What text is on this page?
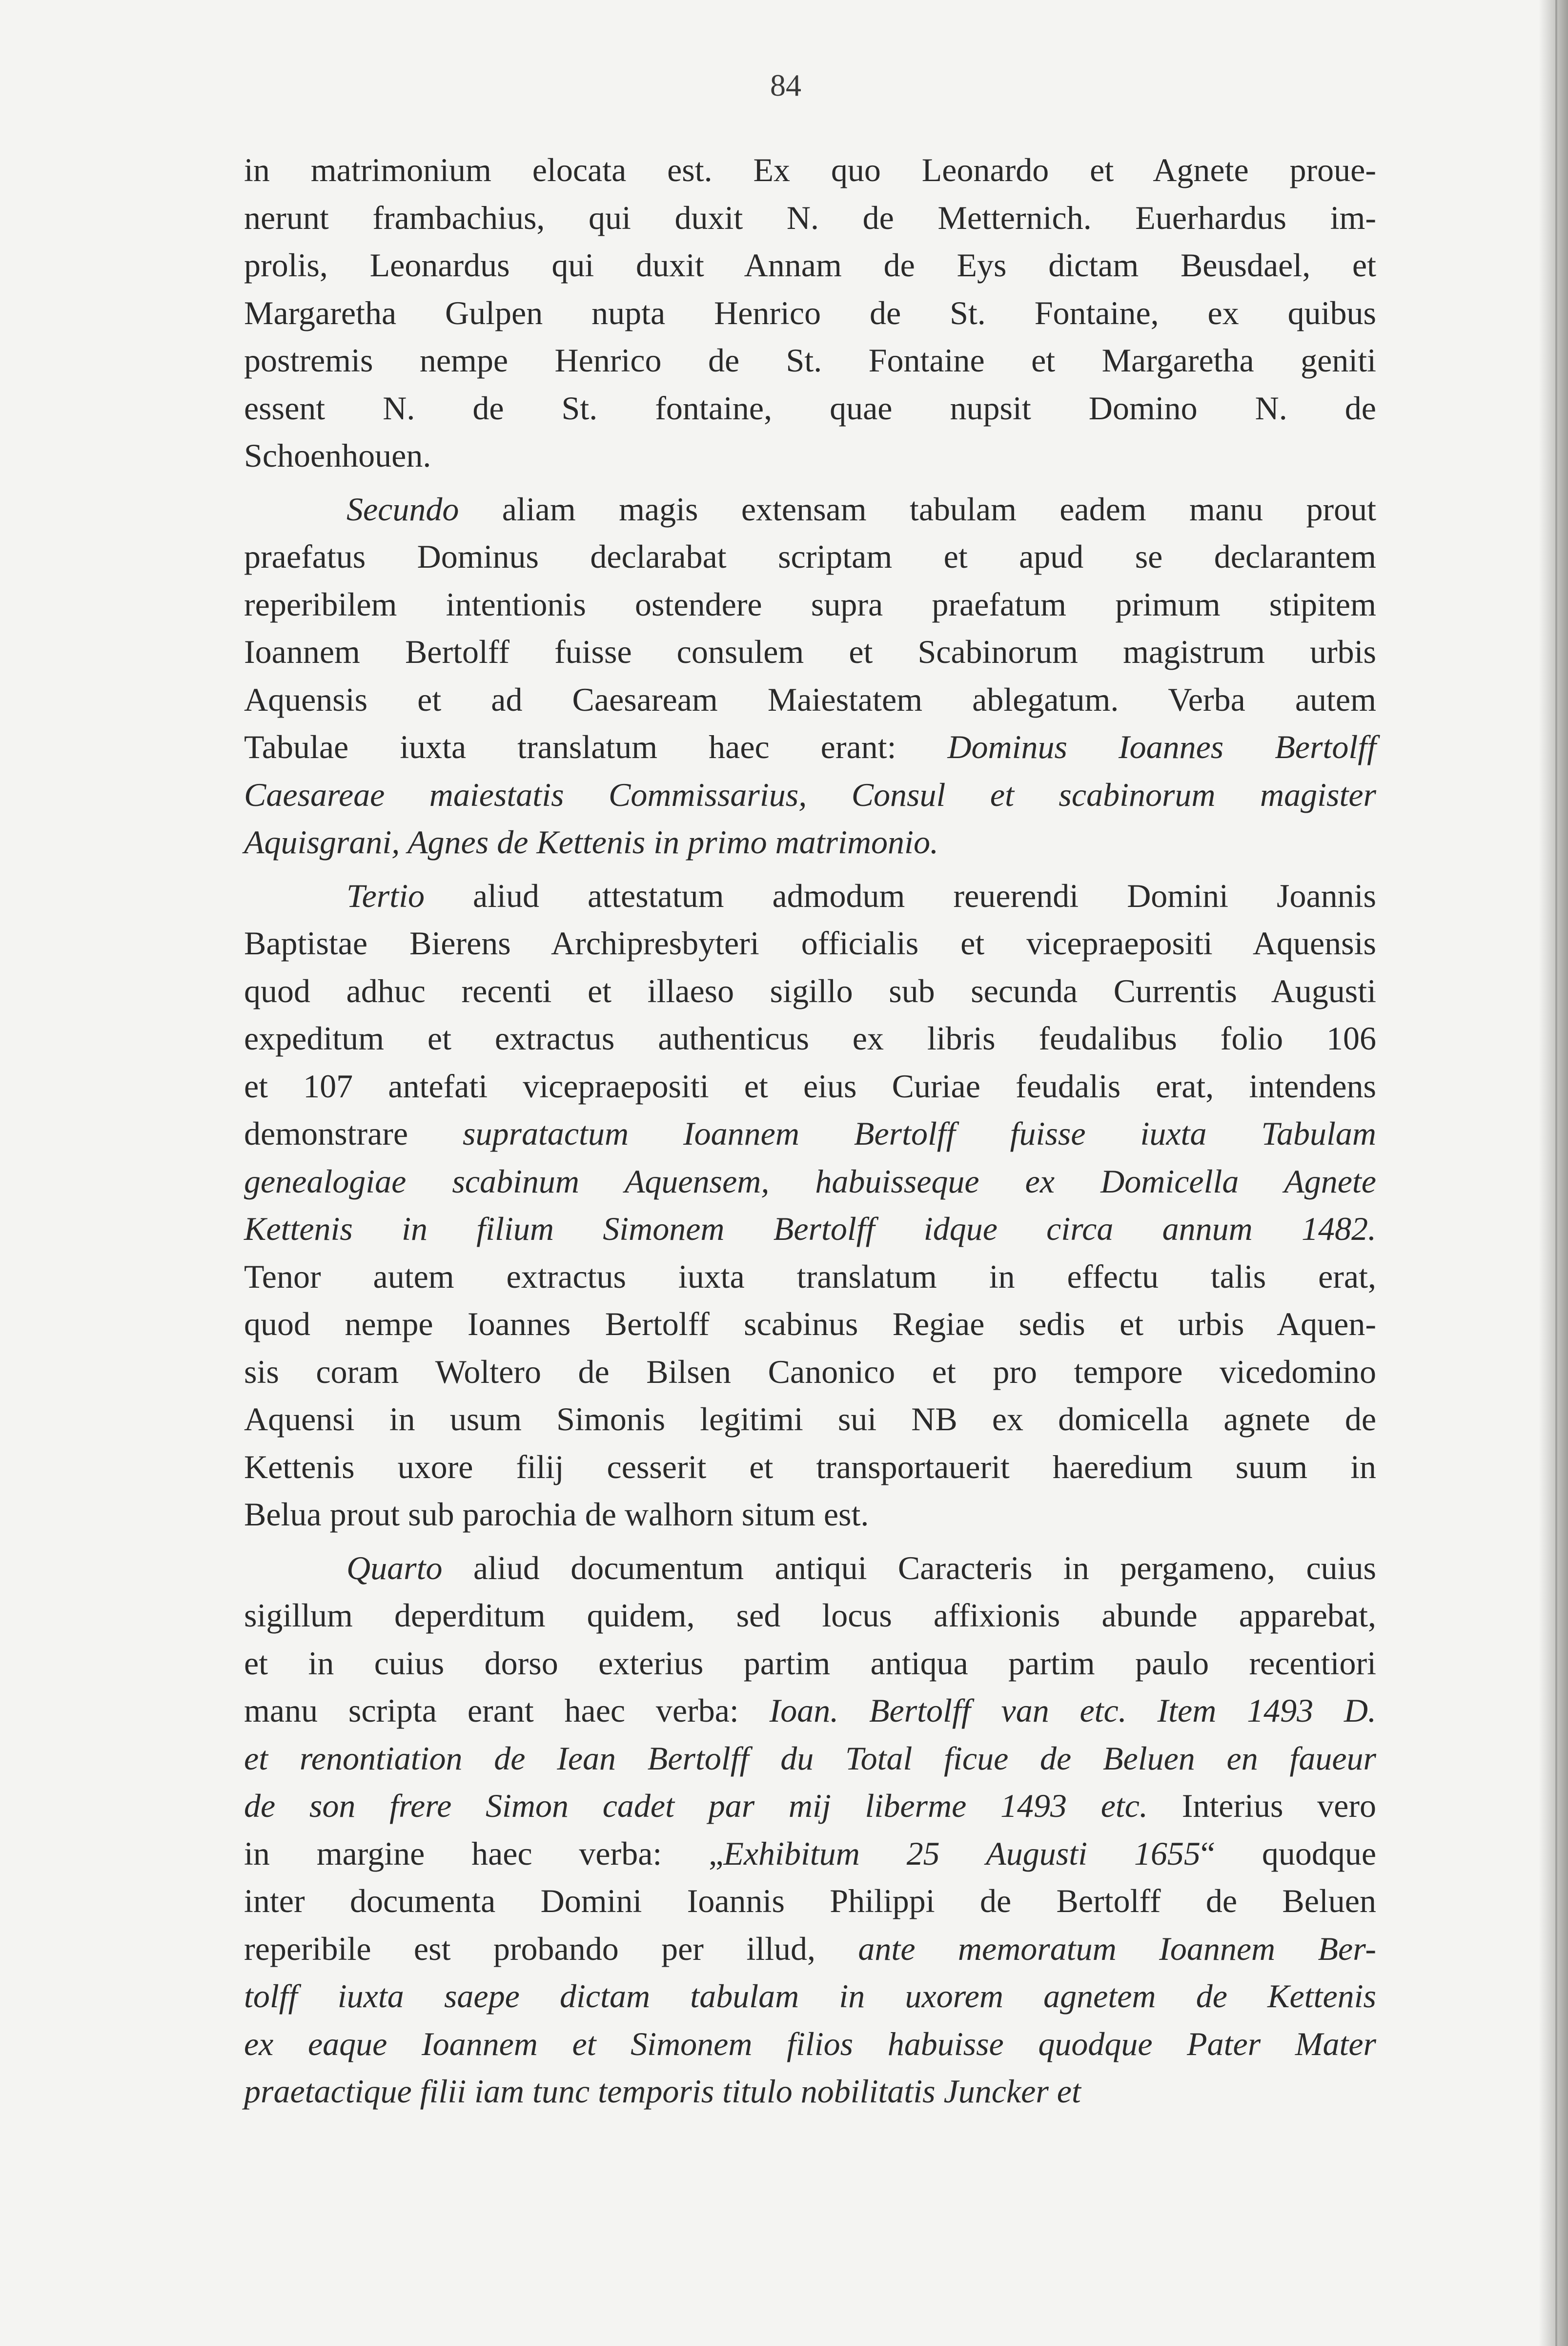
84
in matrimonium elocata est. Ex quo Leonardo et Agnete proue-
nerunt frambachius, qui duxit N. de Metternich. Euerhardus im-
prolis, Leonardus qui duxit Annam de Eys dictam Beusdael, et
Margaretha Gulpen nupta Henrico de St. Fontaine, ex quibus
postremis nempe Henrico de St. Fontaine et Margaretha geniti
essent N. de St. fontaine, quae nupsit Domino N. de
Schoenhouen.
Secundo aliam magis extensam tabulam eadem manu prout
praefatus Dominus declarabat scriptam et apud se declarantem
reperibilem intentionis ostendere supra praefatum primum stipitem
Ioannem Bertolff fuisse consulem et Scabinorum magistrum urbis
Aquensis et ad Caesaream Maiestatem ablegatum. Verba autem
Tabulae iuxta translatum haec erant: Dominus Ioannes Bertolff
Caesareae maiestatis Commissarius, Consul et scabinorum magister
Aquisgrani, Agnes de Kettenis in primo matrimonio.
Tertio aliud attestatum admodum reuerendi Domini Joannis
Baptistae Bierens Archipresbyteri officialis et vicepraepositi Aquensis
quod adhuc recenti et illaeso sigillo sub secunda Currentis Augusti
expeditum et extractus authenticus ex libris feudalibus folio 106
et 107 antefati vicepraepositi et eius Curiae feudalis erat, intendens
demonstrare supratactum Ioannem Bertolff fuisse iuxta Tabulam
genealogiae scabinum Aquensem, habuisseque ex Domicella Agnete
Kettenis in filium Simonem Bertolff idque circa annum 1482.
Tenor autem extractus iuxta translatum in effectu talis erat,
quod nempe Ioannes Bertolff scabinus Regiae sedis et urbis Aquen-
sis coram Woltero de Bilsen Canonico et pro tempore vicedomino
Aquensi in usum Simonis legitimi sui NB ex domicella agnete de
Kettenis uxore filij cesserit et transportauerit haeredium suum in
Belua prout sub parochia de walhorn situm est.
Quarto aliud documentum antiqui Caracteris in pergameno, cuius
sigillum deperditum quidem, sed locus affixionis abunde apparebat,
et in cuius dorso exterius partim antiqua partim paulo recentiori
manu scripta erant haec verba: Ioan. Bertolff van etc. Item 1493 D.
et renontiation de Iean Bertolff du Total ficue de Beluen en faueur
de son frere Simon cadet par mij liberme 1493 etc. Interius vero
in margine haec verba: „Exhibitum 25 Augusti 1655“ quodque
inter documenta Domini Ioannis Philippi de Bertolff de Beluen
reperibile est probando per illud, ante memoratum Ioannem Ber-
tolff iuxta saepe dictam tabulam in uxorem agnetem de Kettenis
ex eaque Ioannem et Simonem filios habuisse quodque Pater Mater
praetactique filii iam tunc temporis titulo nobilitatis Juncker et
